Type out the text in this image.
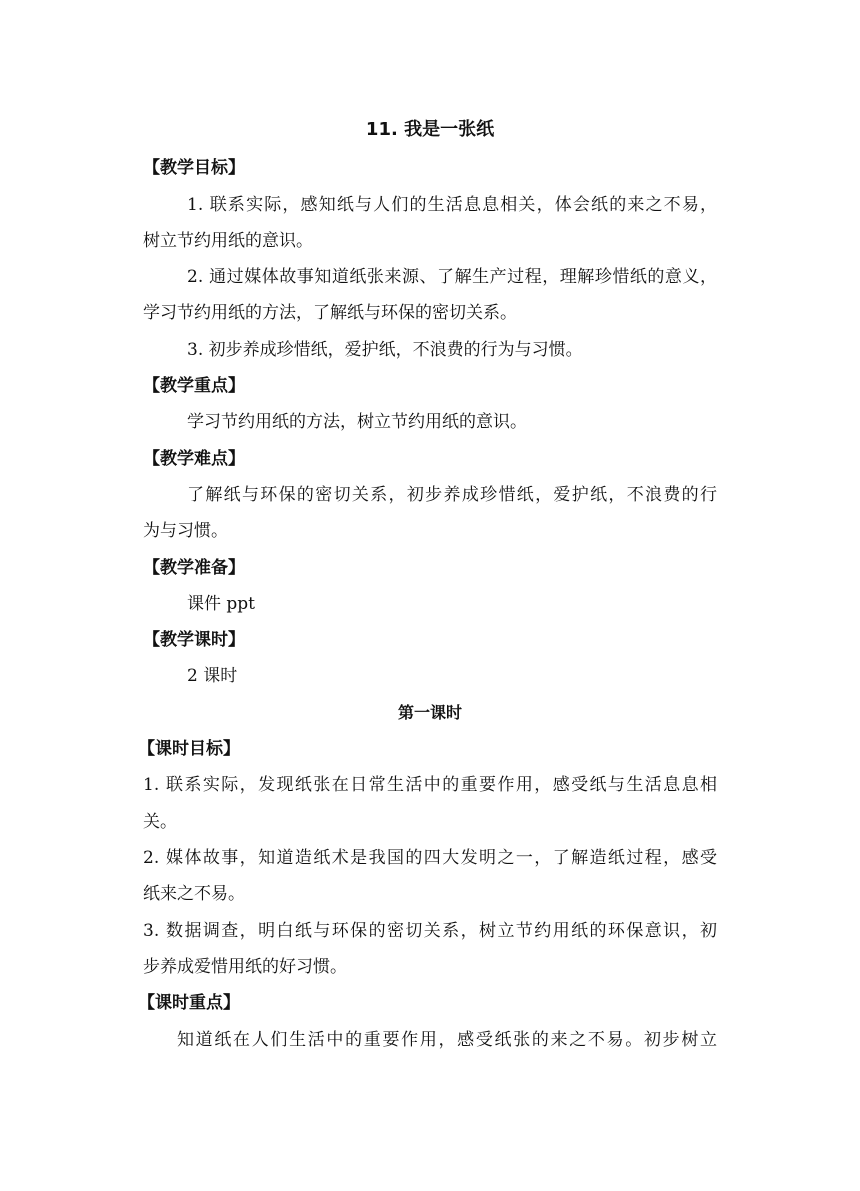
11. 我是一张纸
【教学目标】
1. 联系实际，感知纸与人们的生活息息相关，体会纸的来之不易，
树立节约用纸的意识。
2. 通过媒体故事知道纸张来源、了解生产过程，理解珍惜纸的意义，
学习节约用纸的方法，了解纸与环保的密切关系。
3. 初步养成珍惜纸，爱护纸，不浪费的行为与习惯。
【教学重点】
学习节约用纸的方法，树立节约用纸的意识。
【教学难点】
了解纸与环保的密切关系，初步养成珍惜纸，爱护纸，不浪费的行
为与习惯。
【教学准备】
课件 ppt
【教学课时】
2 课时
第一课时
【课时目标】
1. 联系实际，发现纸张在日常生活中的重要作用，感受纸与生活息息相
关。
2. 媒体故事，知道造纸术是我国的四大发明之一，了解造纸过程，感受
纸来之不易。
3. 数据调查，明白纸与环保的密切关系，树立节约用纸的环保意识，初
步养成爱惜用纸的好习惯。
【课时重点】
知道纸在人们生活中的重要作用，感受纸张的来之不易。初步树立
